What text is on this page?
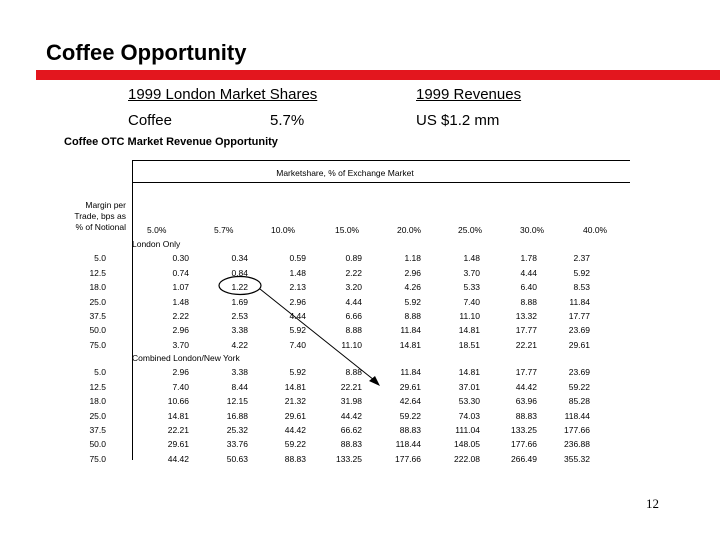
Coffee Opportunity
1999 London Market Shares	1999 Revenues
Coffee	5.7%	US $1.2 mm
Coffee OTC Market Revenue Opportunity
Marketshare, % of Exchange Market
Margin per
Trade, bps as
% of Notional 5.0%	5.7%	10.0%	15.0%	20.0%	25.0%	30.0%	40.0%
London Only
5.0	0.30	0.34	0.59	0.89	1.18	1.48	1.78	2.37
12.5	0.74	0.84	1.48	2.22	2.96	3.70	4.44	5.92
18.0	1.07	1.22	2.13	3.20	4.26	5.33	6.40	8.53
25.0	1.48	1.69	2.96	4.44	5.92	7.40	8.88	11.84
37.5	2.22	2.53	4.44	6.66	8.88	11.10	13.32	17.77
50.0	2.96	3.38	5.92	8.88	11.84	14.81	17.77	23.69
75.0	3.70	4.22	7.40	11.10	14.81	18.51	22.21	29.61
Combined London/New York
5.0	2.96	3.38	5.92	8.88	11.84	14.81	17.77	23.69
12.5	7.40	8.44	14.81	22.21	29.61	37.01	44.42	59.22
18.0	10.66	12.15	21.32	31.98	42.64	53.30	63.96	85.28
25.0	14.81	16.88	29.61	44.42	59.22	74.03	88.83	118.44
37.5	22.21	25.32	44.42	66.62	88.83	111.04	133.25	177.66
50.0	29.61	33.76	59.22	88.83	118.44	148.05	177.66	236.88
75.0	44.42	50.63	88.83	133.25	177.66	222.08	266.49	355.32
12
